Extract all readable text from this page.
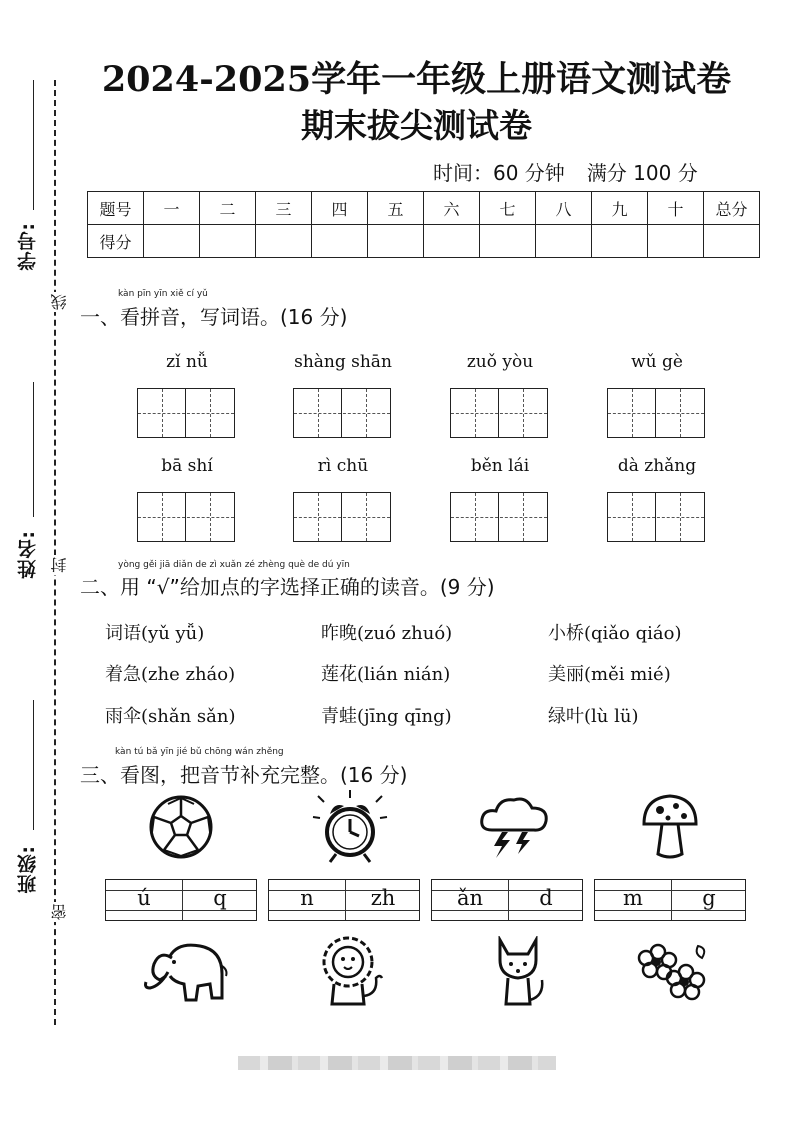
学号:
线
姓名: 封
班级:
密
2024-2025学年一年级上册语文测试卷
期末拔尖测试卷
时间：60 分钟 满分 100 分
题号	一	二	三	四	五	六	七	八	九	十	总分
得分											
kàn pīn yīn xiě cí yǔ
一、看拼音，写词语。(16 分)
zǐ nǚ	shàng shān	zuǒ yòu	wǔ gè
bā shí	rì chū	běn lái	dà zhǎng
yòng gěi jiā diǎn de zì xuǎn zé zhèng què de dú yīn
二、用 “√”给加点的字选择正确的读音。(9 分)
词语(yǔ yǚ)	昨晚(zuó zhuó)	小桥(qiǎo qiáo)
着急(zhe zháo)	莲花(lián nián)	美丽(měi mié)
雨伞(shǎn sǎn)	青蛙(jīng qīng)	绿叶(lù lü)
kàn tú bǎ yīn jié bǔ chōng wán zhěng
三、看图，把音节补充完整。(16 分)
ú	q	n	zh	ǎn	d	m	g
